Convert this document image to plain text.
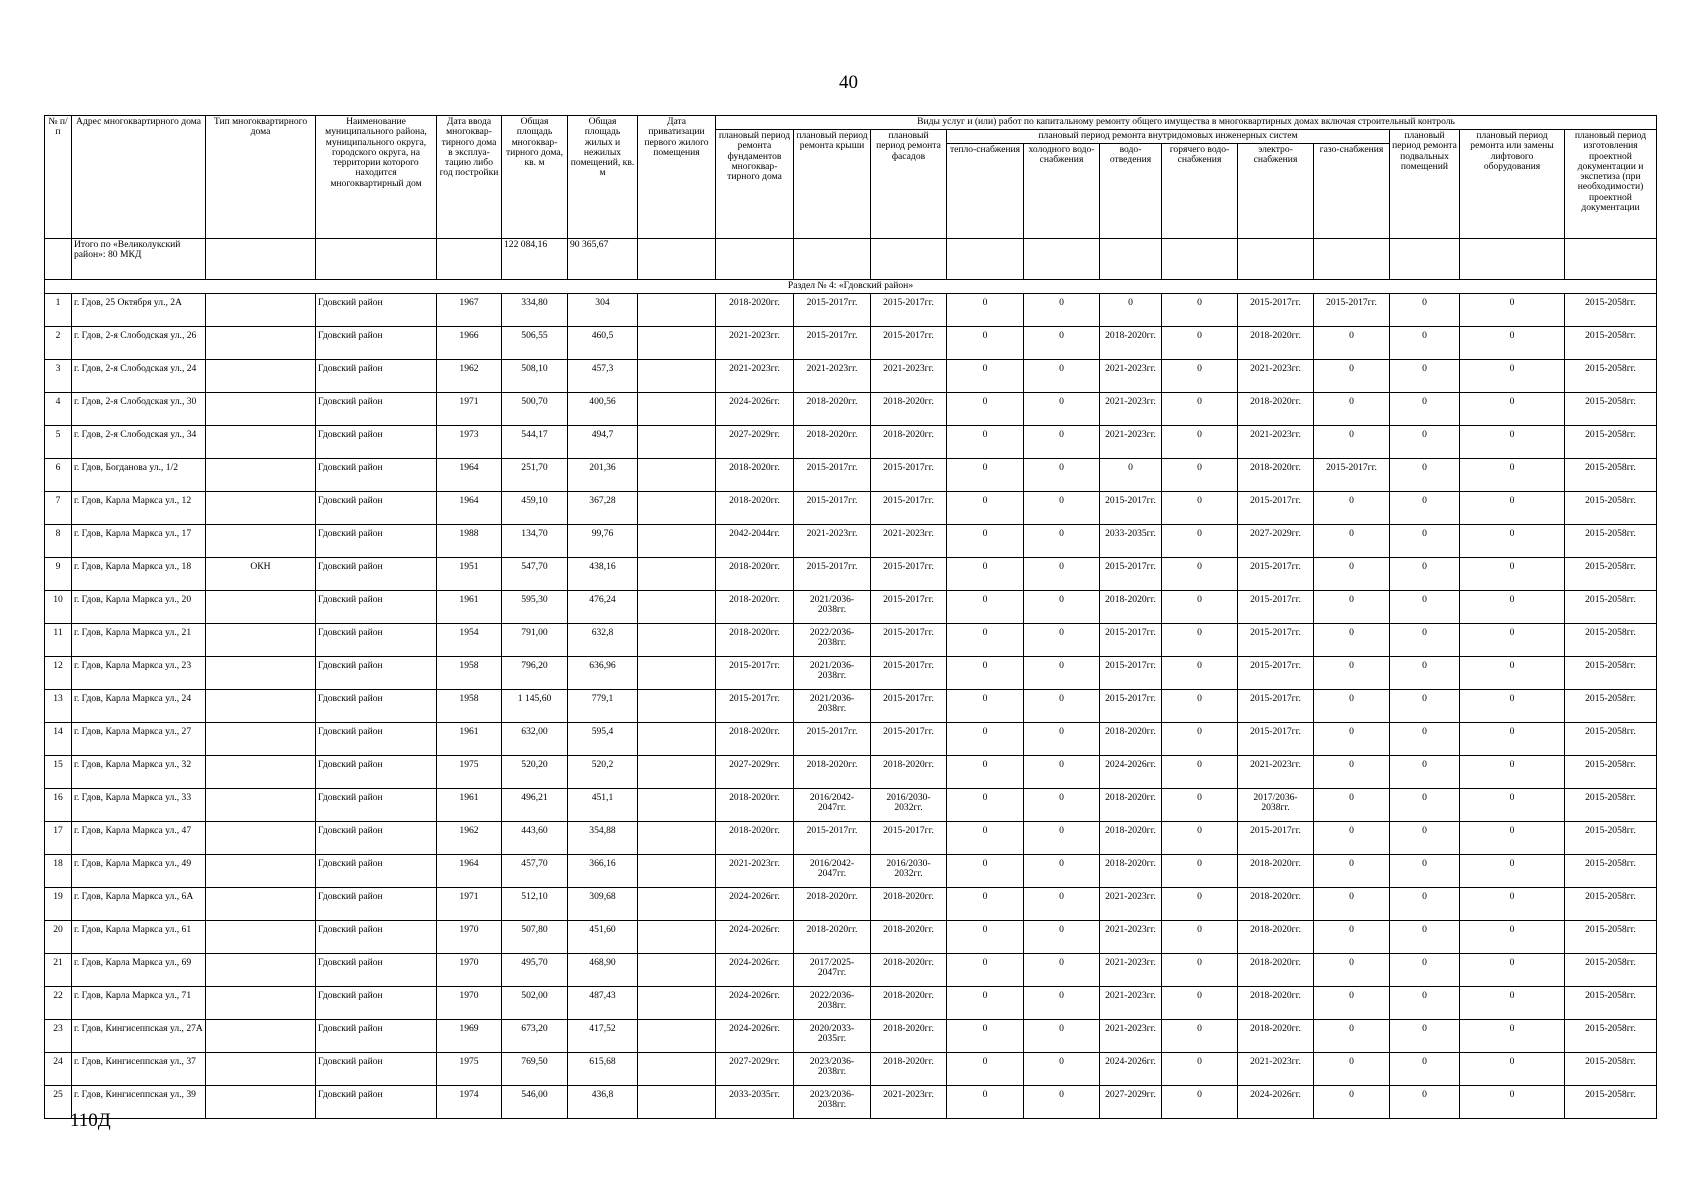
40
№ п/п	Адрес многоквартирного дома	Тип многоквартирного дома	Наименование муниципального района, муниципального округа, городского округа, на территории которого находится многоквартирный дом	Дата ввода многоквар-тирного дома в эксплуа-тацию либо год постройки	Общая площадь многоквар-тирного дома, кв. м	Общая площадь жилых и нежилых помещений, кв. м	Дата приватизации первого жилого помещения	Виды услуг и (или) работ по капитальному ремонту общего имущества в многоквартирных домах включая строительный контроль											
								плановый период ремонта фундаментов многоквар-тирного дома	плановый период ремонта крыши	плановый период ремонта фасадов	плановый период ремонта внутридомовых инженерных систем						плановый период ремонта подвальных помещений	плановый период ремонта или замены лифтового оборудования	плановый период изготовления проектной документации и экспетиза (при необходимости) проектной документации
											тепло-снабжения	холодного водо-снабжения	водо-отведения	горячего водо-снабжения	электро-снабжения	газо-снабжения			
	Итого по «Великолукский район»: 80 МКД				122 084,16	90 365,67													
Раздел № 4: «Гдовский район»																			
1	г. Гдов, 25 Октября ул., 2А		Гдовский район	1967	334,80	304		2018-2020гг.	2015-2017гг.	2015-2017гг.	0	0	0	0	2015-2017гг.	2015-2017гг.	0	0	2015-2058гг.
2	г. Гдов, 2-я Слободская ул., 26		Гдовский район	1966	506,55	460,5		2021-2023гг.	2015-2017гг.	2015-2017гг.	0	0	2018-2020гг.	0	2018-2020гг.	0	0	0	2015-2058гг.
3	г. Гдов, 2-я Слободская ул., 24		Гдовский район	1962	508,10	457,3		2021-2023гг.	2021-2023гг.	2021-2023гг.	0	0	2021-2023гг.	0	2021-2023гг.	0	0	0	2015-2058гг.
4	г. Гдов, 2-я Слободская ул., 30		Гдовский район	1971	500,70	400,56		2024-2026гг.	2018-2020гг.	2018-2020гг.	0	0	2021-2023гг.	0	2018-2020гг.	0	0	0	2015-2058гг.
5	г. Гдов, 2-я Слободская ул., 34		Гдовский район	1973	544,17	494,7		2027-2029гг.	2018-2020гг.	2018-2020гг.	0	0	2021-2023гг.	0	2021-2023гг.	0	0	0	2015-2058гг.
6	г. Гдов, Богданова ул., 1/2		Гдовский район	1964	251,70	201,36		2018-2020гг.	2015-2017гг.	2015-2017гг.	0	0	0	0	2018-2020гг.	2015-2017гг.	0	0	2015-2058гг.
7	г. Гдов, Карла Маркса ул., 12		Гдовский район	1964	459,10	367,28		2018-2020гг.	2015-2017гг.	2015-2017гг.	0	0	2015-2017гг.	0	2015-2017гг.	0	0	0	2015-2058гг.
8	г. Гдов, Карла Маркса ул., 17		Гдовский район	1988	134,70	99,76		2042-2044гг.	2021-2023гг.	2021-2023гг.	0	0	2033-2035гг.	0	2027-2029гг.	0	0	0	2015-2058гг.
9	г. Гдов, Карла Маркса ул., 18	ОКН	Гдовский район	1951	547,70	438,16		2018-2020гг.	2015-2017гг.	2015-2017гг.	0	0	2015-2017гг.	0	2015-2017гг.	0	0	0	2015-2058гг.
10	г. Гдов, Карла Маркса ул., 20		Гдовский район	1961	595,30	476,24		2018-2020гг.	2021/2036-2038гг.	2015-2017гг.	0	0	2018-2020гг.	0	2015-2017гг.	0	0	0	2015-2058гг.
11	г. Гдов, Карла Маркса ул., 21		Гдовский район	1954	791,00	632,8		2018-2020гг.	2022/2036-2038гг.	2015-2017гг.	0	0	2015-2017гг.	0	2015-2017гг.	0	0	0	2015-2058гг.
12	г. Гдов, Карла Маркса ул., 23		Гдовский район	1958	796,20	636,96		2015-2017гг.	2021/2036-2038гг.	2015-2017гг.	0	0	2015-2017гг.	0	2015-2017гг.	0	0	0	2015-2058гг.
13	г. Гдов, Карла Маркса ул., 24		Гдовский район	1958	1 145,60	779,1		2015-2017гг.	2021/2036-2038гг.	2015-2017гг.	0	0	2015-2017гг.	0	2015-2017гг.	0	0	0	2015-2058гг.
14	г. Гдов, Карла Маркса ул., 27		Гдовский район	1961	632,00	595,4		2018-2020гг.	2015-2017гг.	2015-2017гг.	0	0	2018-2020гг.	0	2015-2017гг.	0	0	0	2015-2058гг.
15	г. Гдов, Карла Маркса ул., 32		Гдовский район	1975	520,20	520,2		2027-2029гг.	2018-2020гг.	2018-2020гг.	0	0	2024-2026гг.	0	2021-2023гг.	0	0	0	2015-2058гг.
16	г. Гдов, Карла Маркса ул., 33		Гдовский район	1961	496,21	451,1		2018-2020гг.	2016/2042-2047гг.	2016/2030-2032гг.	0	0	2018-2020гг.	0	2017/2036-2038гг.	0	0	0	2015-2058гг.
17	г. Гдов, Карла Маркса ул., 47		Гдовский район	1962	443,60	354,88		2018-2020гг.	2015-2017гг.	2015-2017гг.	0	0	2018-2020гг.	0	2015-2017гг.	0	0	0	2015-2058гг.
18	г. Гдов, Карла Маркса ул., 49		Гдовский район	1964	457,70	366,16		2021-2023гг.	2016/2042-2047гг.	2016/2030-2032гг.	0	0	2018-2020гг.	0	2018-2020гг.	0	0	0	2015-2058гг.
19	г. Гдов, Карла Маркса ул., 6А		Гдовский район	1971	512,10	309,68		2024-2026гг.	2018-2020гг.	2018-2020гг.	0	0	2021-2023гг.	0	2018-2020гг.	0	0	0	2015-2058гг.
20	г. Гдов, Карла Маркса ул., 61		Гдовский район	1970	507,80	451,60		2024-2026гг.	2018-2020гг.	2018-2020гг.	0	0	2021-2023гг.	0	2018-2020гг.	0	0	0	2015-2058гг.
21	г. Гдов, Карла Маркса ул., 69		Гдовский район	1970	495,70	468,90		2024-2026гг.	2017/2025-2047гг.	2018-2020гг.	0	0	2021-2023гг.	0	2018-2020гг.	0	0	0	2015-2058гг.
22	г. Гдов, Карла Маркса ул., 71		Гдовский район	1970	502,00	487,43		2024-2026гг.	2022/2036-2038гг.	2018-2020гг.	0	0	2021-2023гг.	0	2018-2020гг.	0	0	0	2015-2058гг.
23	г. Гдов, Кингисеппская ул., 27А		Гдовский район	1969	673,20	417,52		2024-2026гг.	2020/2033-2035гг.	2018-2020гг.	0	0	2021-2023гг.	0	2018-2020гг.	0	0	0	2015-2058гг.
24	г. Гдов, Кингисеппская ул., 37		Гдовский район	1975	769,50	615,68		2027-2029гг.	2023/2036-2038гг.	2018-2020гг.	0	0	2024-2026гг.	0	2021-2023гг.	0	0	0	2015-2058гг.
25	г. Гдов, Кингисеппская ул., 39		Гдовский район	1974	546,00	436,8		2033-2035гг.	2023/2036-2038гг.	2021-2023гг.	0	0	2027-2029гг.	0	2024-2026гг.	0	0	0	2015-2058гг.
110Д
